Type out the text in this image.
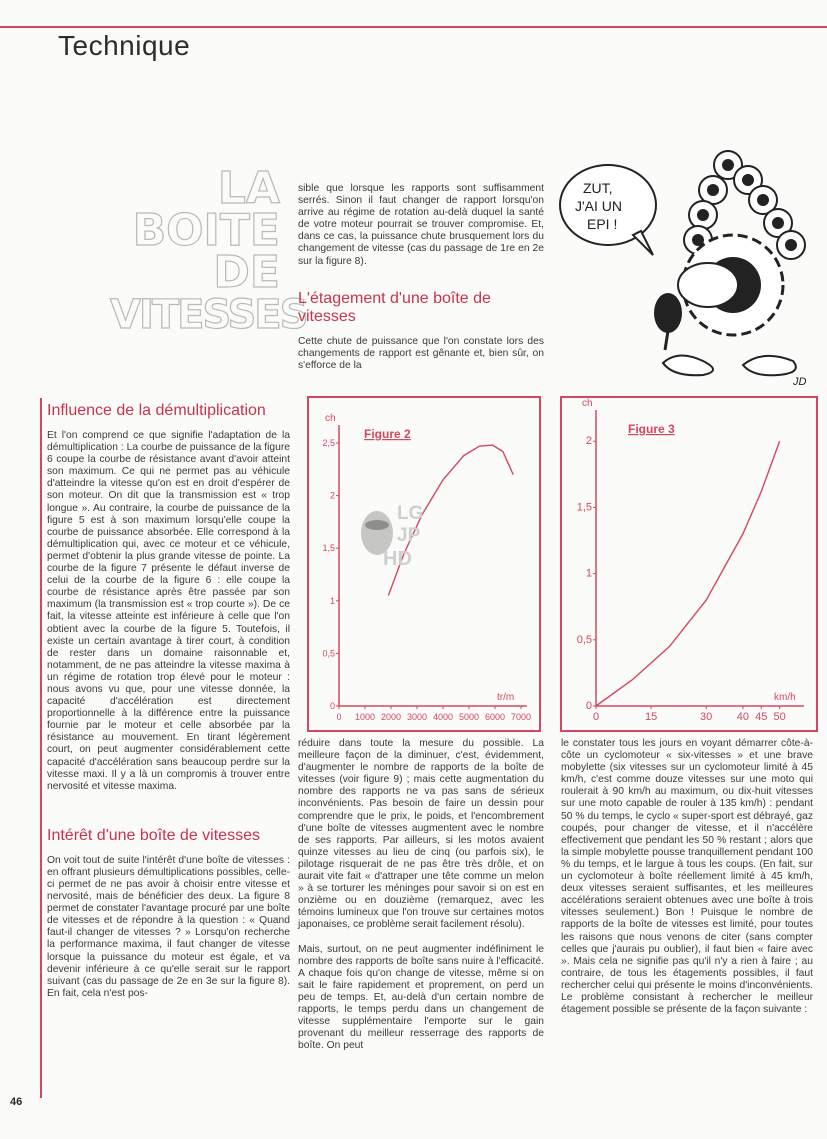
Technique
LA
BOITE
DE
VITESSES
Influence de la démultiplication
Et l'on comprend ce que signifie l'adaptation de la démultiplication : La courbe de puissance de la figure 6 coupe la courbe de résistance avant d'avoir atteint son maximum. Ce qui ne permet pas au véhicule d'atteindre la vitesse qu'on est en droit d'espérer de son moteur. On dit que la transmission est « trop longue ». Au contraire, la courbe de puissance de la figure 5 est à son maximum lorsqu'elle coupe la courbe de puissance absorbée. Elle correspond à la démultiplication qui, avec ce moteur et ce véhicule, permet d'obtenir la plus grande vitesse de pointe. La courbe de la figure 7 présente le défaut inverse de celui de la courbe de la figure 6 : elle coupe la courbe de résistance après être passée par son maximum (la transmission est « trop courte »). De ce fait, la vitesse atteinte est inférieure à celle que l'on obtient avec la courbe de la figure 5. Toutefois, il existe un certain avantage à tirer court, à condition de rester dans un domaine raisonnable et, notamment, de ne pas atteindre la vitesse maxima à un régime de rotation trop élevé pour le moteur : nous avons vu que, pour une vitesse donnée, la capacité d'accélération est directement proportionnelle à la différence entre la puissance fournie par le moteur et celle absorbée par la résistance au mouvement. En tirant légèrement court, on peut augmenter considérablement cette capacité d'accélération sans beaucoup perdre sur la vitesse maxi. Il y a là un compromis à trouver entre nervosité et vitesse maxima.
Intérêt d'une boîte de vitesses
On voit tout de suite l'intérêt d'une boîte de vitesses : en offrant plusieurs démultiplications possibles, celle-ci permet de ne pas avoir à choisir entre vitesse et nervosité, mais de bénéficier des deux. La figure 8 permet de constater l'avantage procuré par une boîte de vitesses et de répondre à la question : « Quand faut-il changer de vitesses ? » Lorsqu'on recherche la performance maxima, il faut changer de vitesse lorsque la puissance du moteur est égale, et va devenir inférieure à ce qu'elle serait sur le rapport suivant (cas du passage de 2e en 3e sur la figure 8). En fait, cela n'est pos-
46
sible que lorsque les rapports sont suffisamment serrés. Sinon il faut changer de rapport lorsqu'on arrive au régime de rotation au-delà duquel la santé de votre moteur pourrait se trouver compromise. Et, dans ce cas, la puissance chute brusquement lors du changement de vitesse (cas du passage de 1re en 2e sur la figure 8).
L'étagement d'une boîte de vitesses
Cette chute de puissance que l'on constate lors des changements de rapport est gênante et, bien sûr, on s'efforce de la
Figure 2
ch
tr/m
0 1000 2000 3000 4000 5000 6000 7000
0
0,5
1
1,5
2
2,5
LG
JP
HD
réduire dans toute la mesure du possible. La meilleure façon de la diminuer, c'est, évidemment, d'augmenter le nombre de rapports de la boîte de vitesses (voir figure 9) ; mais cette augmentation du nombre des rapports ne va pas sans de sérieux inconvénients. Pas besoin de faire un dessin pour comprendre que le prix, le poids, et l'encombrement d'une boîte de vitesses augmentent avec le nombre de ses rapports. Par ailleurs, si les motos avaient quinze vitesses au lieu de cinq (ou parfois six), le pilotage risquerait de ne pas être très drôle, et on aurait vite fait « d'attraper une tête comme un melon » à se torturer les méninges pour savoir si on est en onzième ou en douzième (remarquez, avec les témoins lumineux que l'on trouve sur certaines motos japonaises, ce problème serait facilement résolu).
Mais, surtout, on ne peut augmenter indéfiniment le nombre des rapports de boîte sans nuire à l'efficacité. A chaque fois qu'on change de vitesse, même si on sait le faire rapidement et proprement, on perd un peu de temps. Et, au-delà d'un certain nombre de rapports, le temps perdu dans un changement de vitesse supplémentaire l'emporte sur le gain provenant du meilleur resserrage des rapports de boîte. On peut
ZUT,
J'AI UN
EPI !
JD
Figure 3
ch
km/h
0	15	30 40 45 50
0
0,5
1
1,5
2
le constater tous les jours en voyant démarrer côte-à-côte un cyclomoteur « six-vitesses » et une brave mobylette (six vitesses sur un cyclomoteur limité à 45 km/h, c'est comme douze vitesses sur une moto qui roulerait à 90 km/h au maximum, ou dix-huit vitesses sur une moto capable de rouler à 135 km/h) : pendant 50 % du temps, le cyclo « super-sport est débrayé, gaz coupés, pour changer de vitesse, et il n'accélère effectivement que pendant les 50 % restant ; alors que la simple mobylette pousse tranquillement pendant 100 % du temps, et le largue à tous les coups. (En fait, sur un cyclomoteur à boîte réellement limité à 45 km/h, deux vitesses seraient suffisantes, et les meilleures accélérations seraient obtenues avec une boîte à trois vitesses seulement.) Bon ! Puisque le nombre de rapports de la boîte de vitesses est limité, pour toutes les raisons que nous venons de citer (sans compter celles que j'aurais pu oublier), il faut bien « faire avec ». Mais cela ne signifie pas qu'il n'y a rien à faire ; au contraire, de tous les étagements possibles, il faut rechercher celui qui présente le moins d'inconvénients. Le problème consistant à rechercher le meilleur étagement possible se présente de la façon suivante :
